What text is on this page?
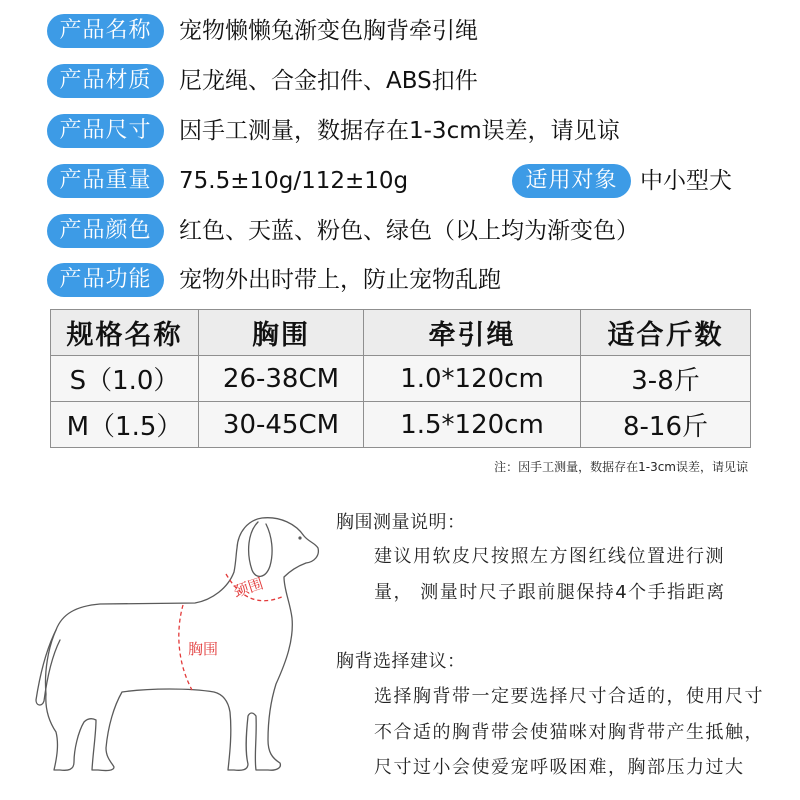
产品名称	宠物懒懒兔渐变色胸背牵引绳
产品材质	尼龙绳、合金扣件、ABS扣件
产品尺寸	因手工测量，数据存在1-3cm误差，请见谅
产品重量	75.5±10g/112±10g	适用对象 中小型犬
产品颜色	红色、天蓝、粉色、绿色（以上均为渐变色）
产品功能	宠物外出时带上，防止宠物乱跑
规格名称	胸围	牵引绳	适合斤数
S（1.0）	26-38CM	1.0*120cm	3-8斤
M（1.5）	30-45CM	1.5*120cm	8-16斤
注：因手工测量，数据存在1-3cm误差，请见谅
颈围
胸围
胸围测量说明：
建议用软皮尺按照左方图红线位置进行测
量， 测量时尺子跟前腿保持4个手指距离
胸背选择建议：
选择胸背带一定要选择尺寸合适的，使用尺寸
不合适的胸背带会使猫咪对胸背带产生抵触，
尺寸过小会使爱宠呼吸困难，胸部压力过大
